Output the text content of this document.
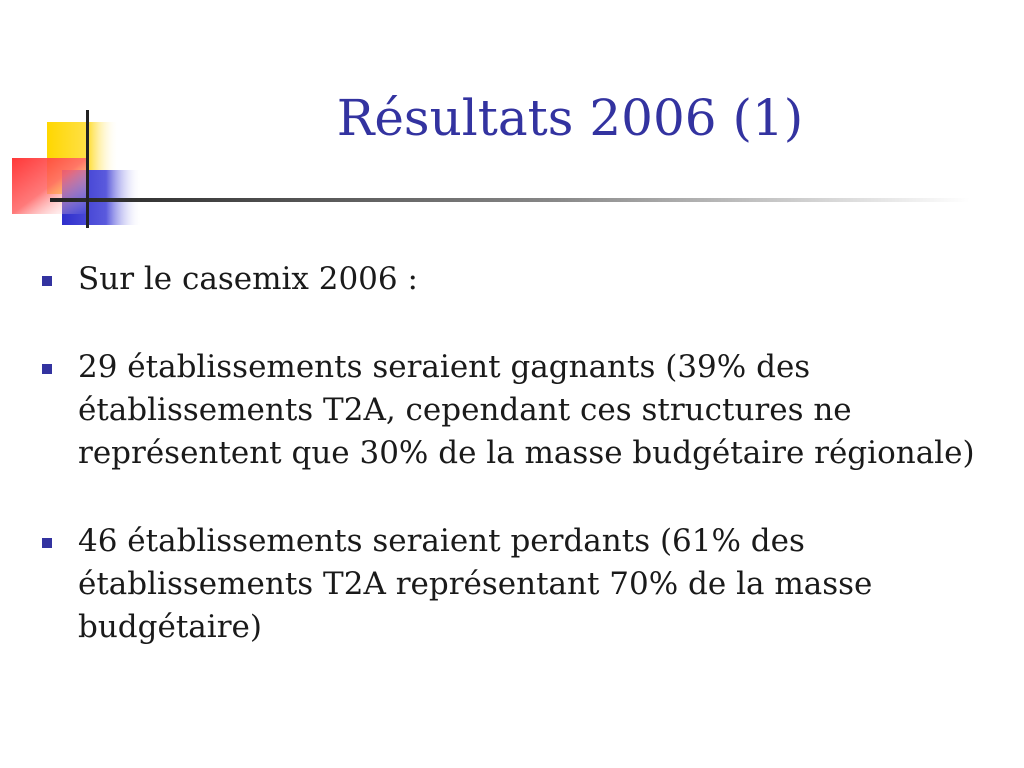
Résultats 2006 (1)
Sur le casemix 2006 :
29 établissements seraient gagnants (39% des établissements T2A, cependant ces structures ne représentent que 30% de la masse budgétaire régionale)
46 établissements seraient perdants (61% des établissements T2A représentant 70% de la masse budgétaire)
